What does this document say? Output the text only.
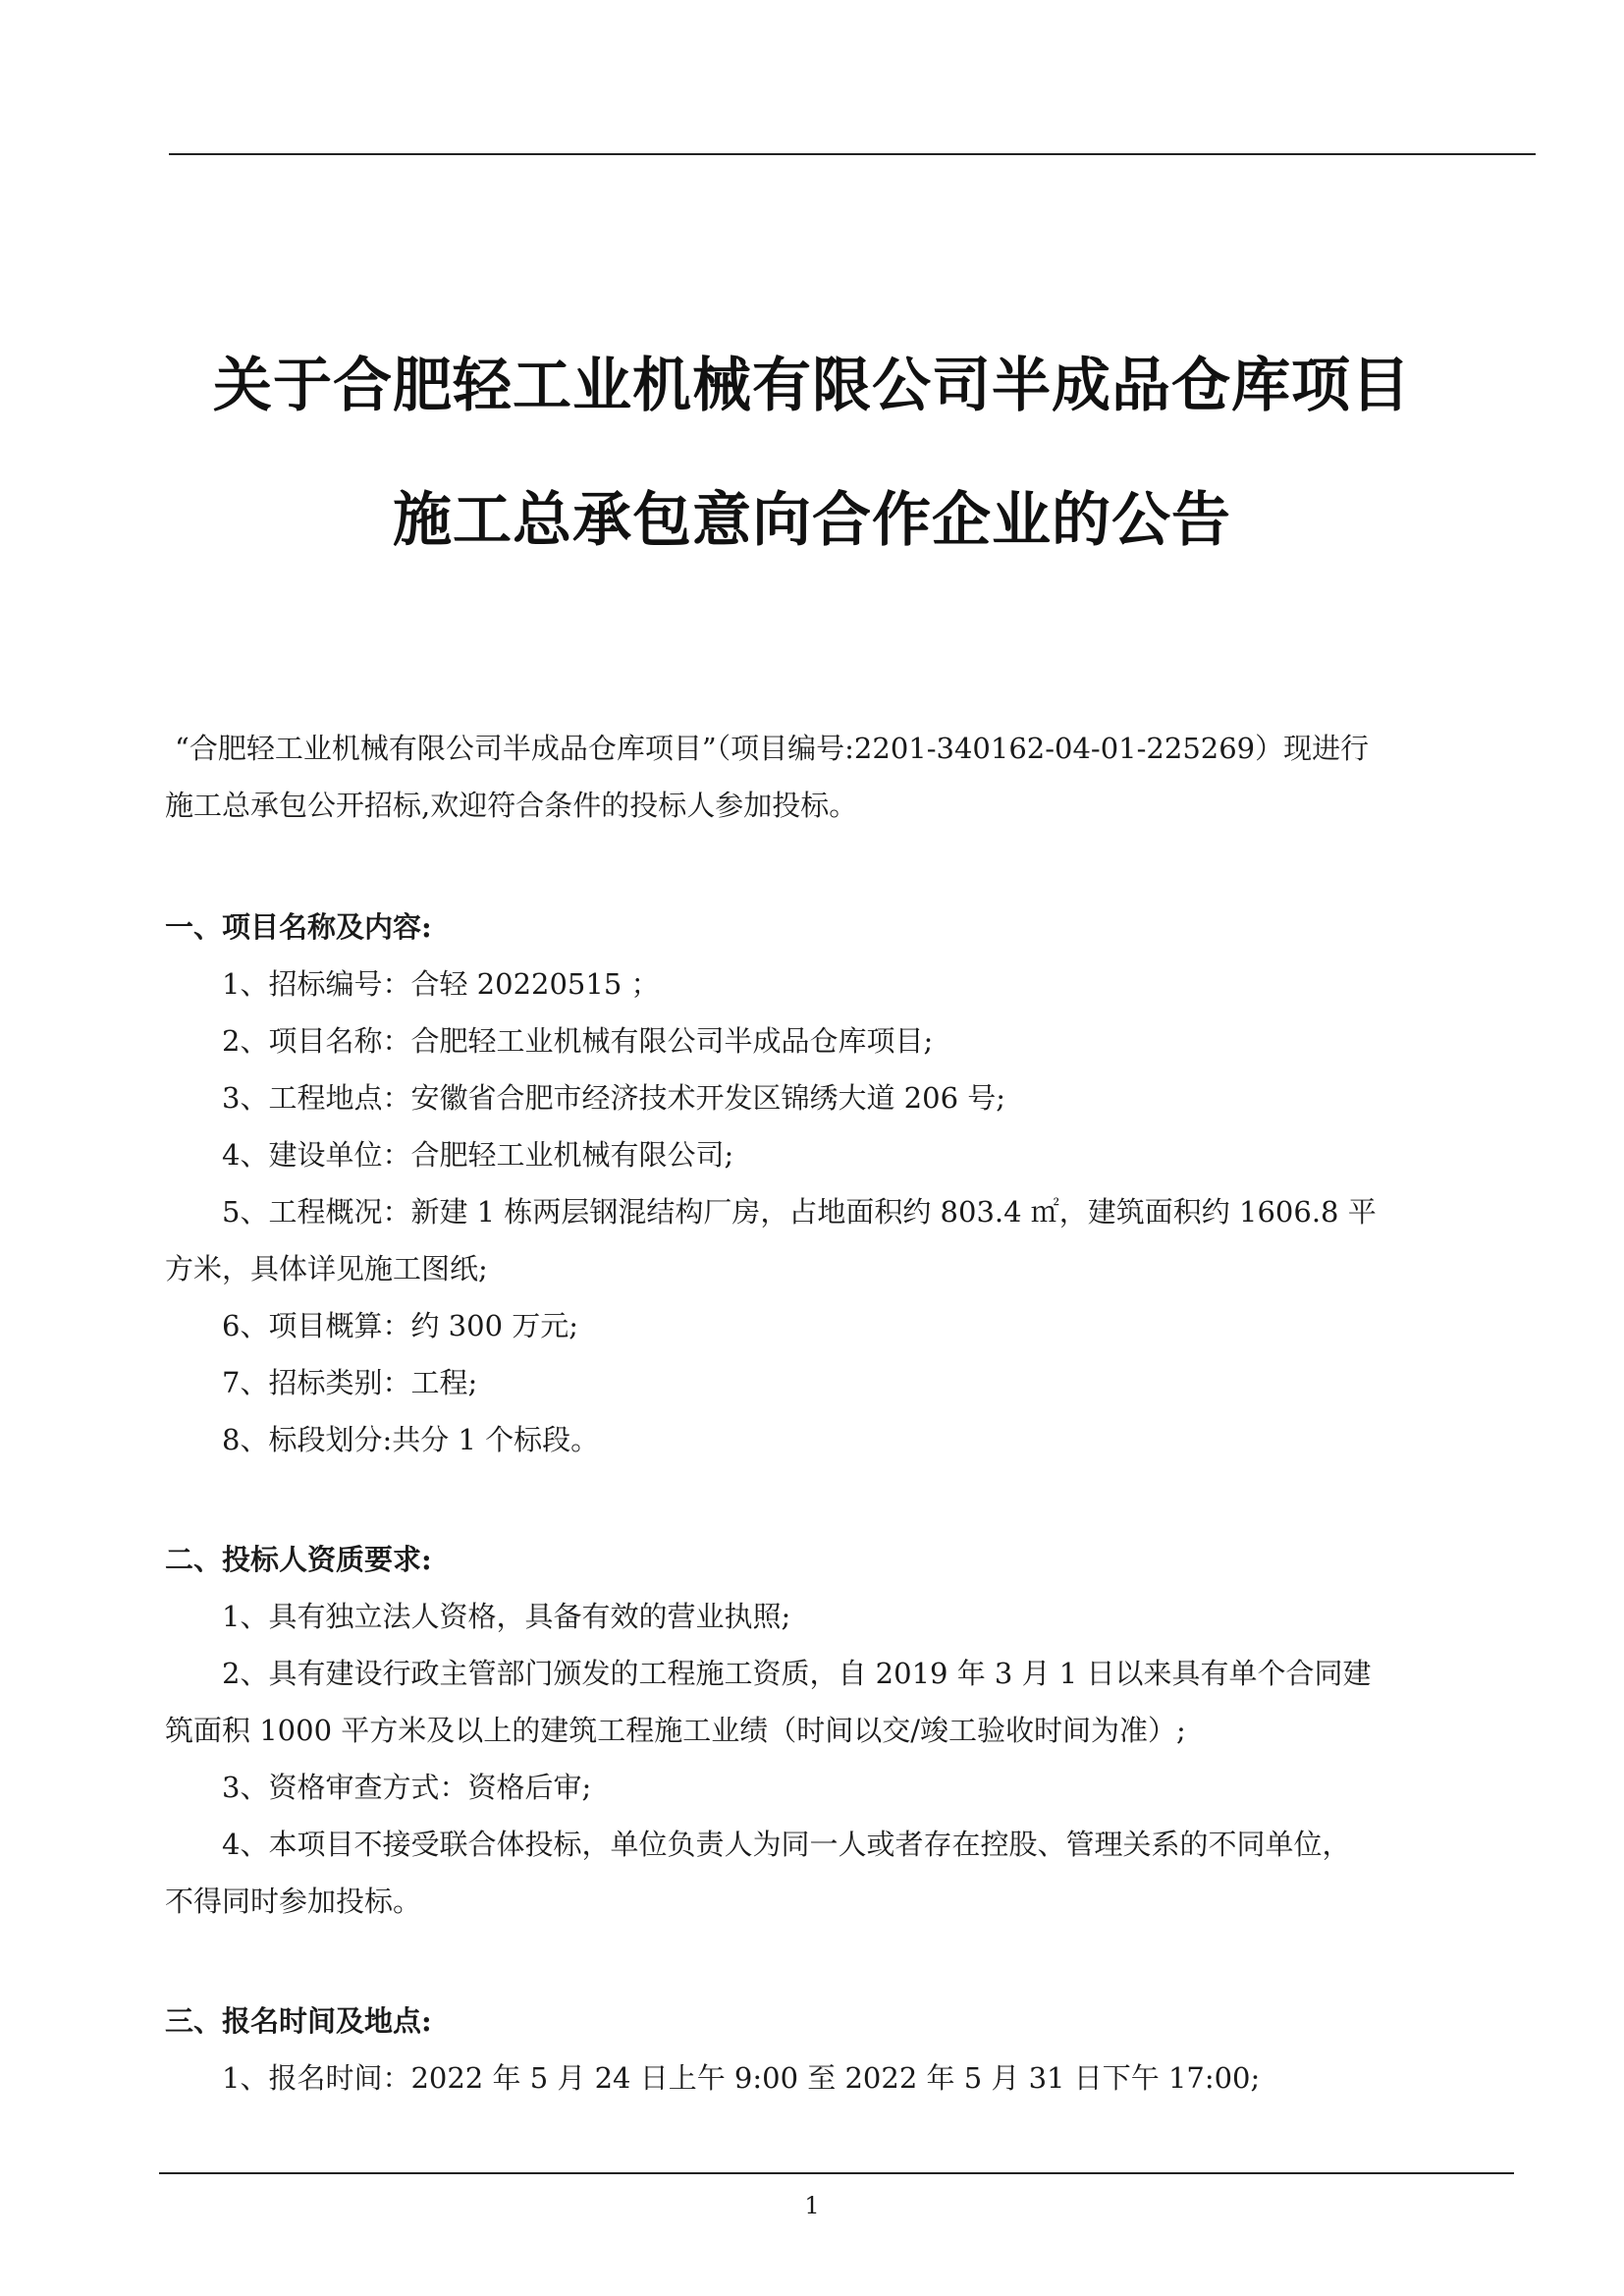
关于合肥轻工业机械有限公司半成品仓库项目
施工总承包意向合作企业的公告
“合肥轻工业机械有限公司半成品仓库项目”（项目编号:2201-340162-04-01-225269）现进行
施工总承包公开招标,欢迎符合条件的投标人参加投标。
一、项目名称及内容:
1、招标编号：合轻 20220515 ；
2、项目名称：合肥轻工业机械有限公司半成品仓库项目;
3、工程地点：安徽省合肥市经济技术开发区锦绣大道 206 号;
4、建设单位：合肥轻工业机械有限公司;
5、工程概况：新建 1 栋两层钢混结构厂房，占地面积约 803.4 ㎡，建筑面积约 1606.8 平
方米，具体详见施工图纸;
6、项目概算：约 300 万元;
7、招标类别：工程;
8、标段划分:共分 1 个标段。
二、投标人资质要求:
1、具有独立法人资格，具备有效的营业执照;
2、具有建设行政主管部门颁发的工程施工资质，自 2019 年 3 月 1 日以来具有单个合同建
筑面积 1000 平方米及以上的建筑工程施工业绩（时间以交/竣工验收时间为准）;
3、资格审查方式：资格后审;
4、本项目不接受联合体投标，单位负责人为同一人或者存在控股、管理关系的不同单位，
不得同时参加投标。
三、报名时间及地点:
1、报名时间：2022 年 5 月 24 日上午 9:00 至 2022 年 5 月 31 日下午 17:00;
1
